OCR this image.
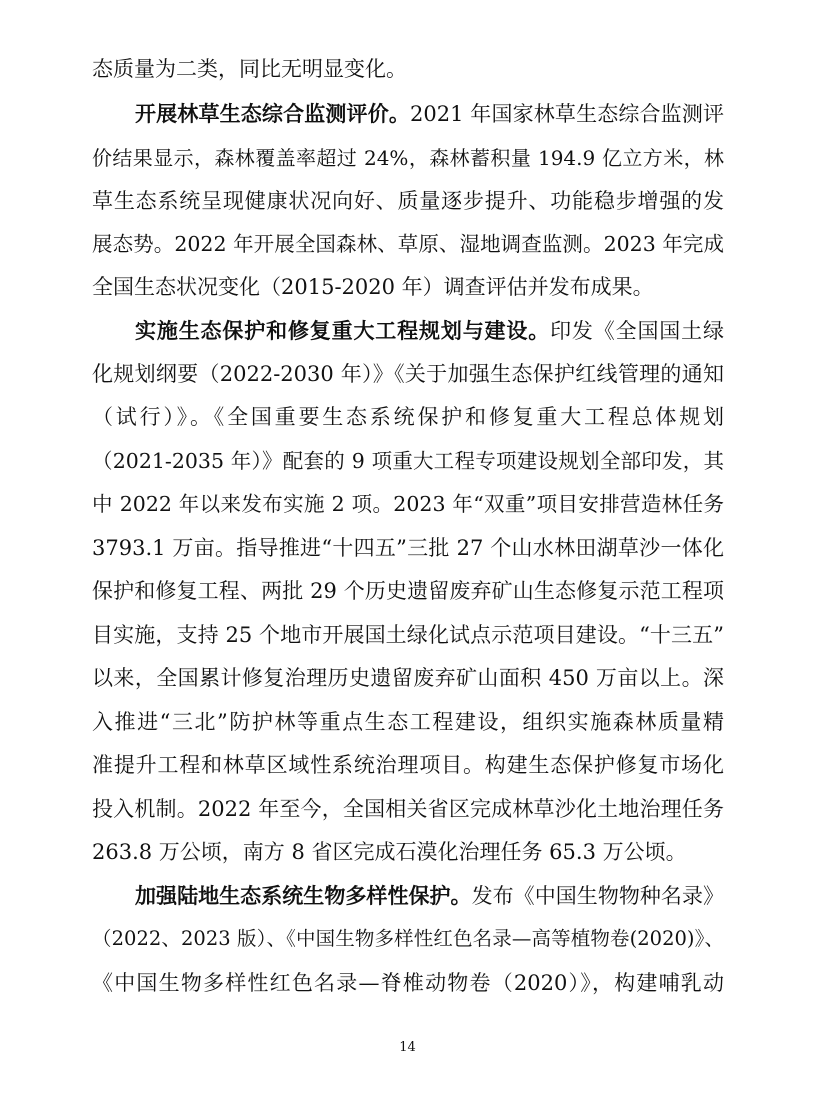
态质量为二类，同比无明显变化。
开展林草生态综合监测评价。2021 年国家林草生态综合监测评
价结果显示，森林覆盖率超过 24%，森林蓄积量 194.9 亿立方米，林
草生态系统呈现健康状况向好、质量逐步提升、功能稳步增强的发
展态势。2022 年开展全国森林、草原、湿地调查监测。2023 年完成
全国生态状况变化（2015-2020 年）调查评估并发布成果。
实施生态保护和修复重大工程规划与建设。印发《全国国土绿
化规划纲要（2022-2030 年）》《关于加强生态保护红线管理的通知
（试行）》。《全国重要生态系统保护和修复重大工程总体规划
（2021-2035 年）》配套的 9 项重大工程专项建设规划全部印发，其
中 2022 年以来发布实施 2 项。2023 年“双重”项目安排营造林任务
3793.1 万亩。指导推进“十四五”三批 27 个山水林田湖草沙一体化
保护和修复工程、两批 29 个历史遗留废弃矿山生态修复示范工程项
目实施，支持 25 个地市开展国土绿化试点示范项目建设。“十三五”
以来，全国累计修复治理历史遗留废弃矿山面积 450 万亩以上。深
入推进“三北”防护林等重点生态工程建设，组织实施森林质量精
准提升工程和林草区域性系统治理项目。构建生态保护修复市场化
投入机制。2022 年至今，全国相关省区完成林草沙化土地治理任务
263.8 万公顷，南方 8 省区完成石漠化治理任务 65.3 万公顷。
加强陆地生态系统生物多样性保护。发布《中国生物物种名录》
（2022、2023 版）、《中国生物多样性红色名录—高等植物卷(2020)》、
《中国生物多样性红色名录—脊椎动物卷（2020）》，构建哺乳动
14
